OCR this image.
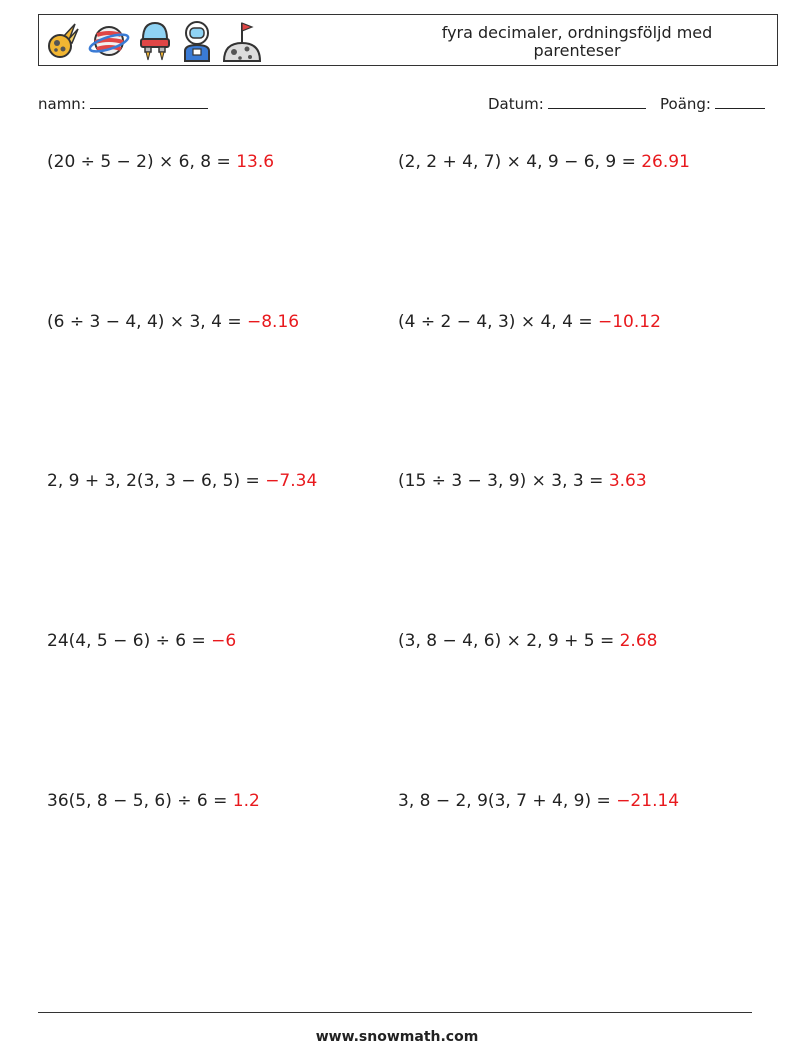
fyra decimaler, ordningsföljd med parenteser
namn:	Datum:	Poäng:
(20 ÷ 5 − 2) × 6, 8 = 13.6	(2, 2 + 4, 7) × 4, 9 − 6, 9 = 26.91
(6 ÷ 3 − 4, 4) × 3, 4 = −8.16	(4 ÷ 2 − 4, 3) × 4, 4 = −10.12
2, 9 + 3, 2(3, 3 − 6, 5) = −7.34	(15 ÷ 3 − 3, 9) × 3, 3 = 3.63
24(4, 5 − 6) ÷ 6 = −6	(3, 8 − 4, 6) × 2, 9 + 5 = 2.68
36(5, 8 − 5, 6) ÷ 6 = 1.2	3, 8 − 2, 9(3, 7 + 4, 9) = −21.14
www.snowmath.com
